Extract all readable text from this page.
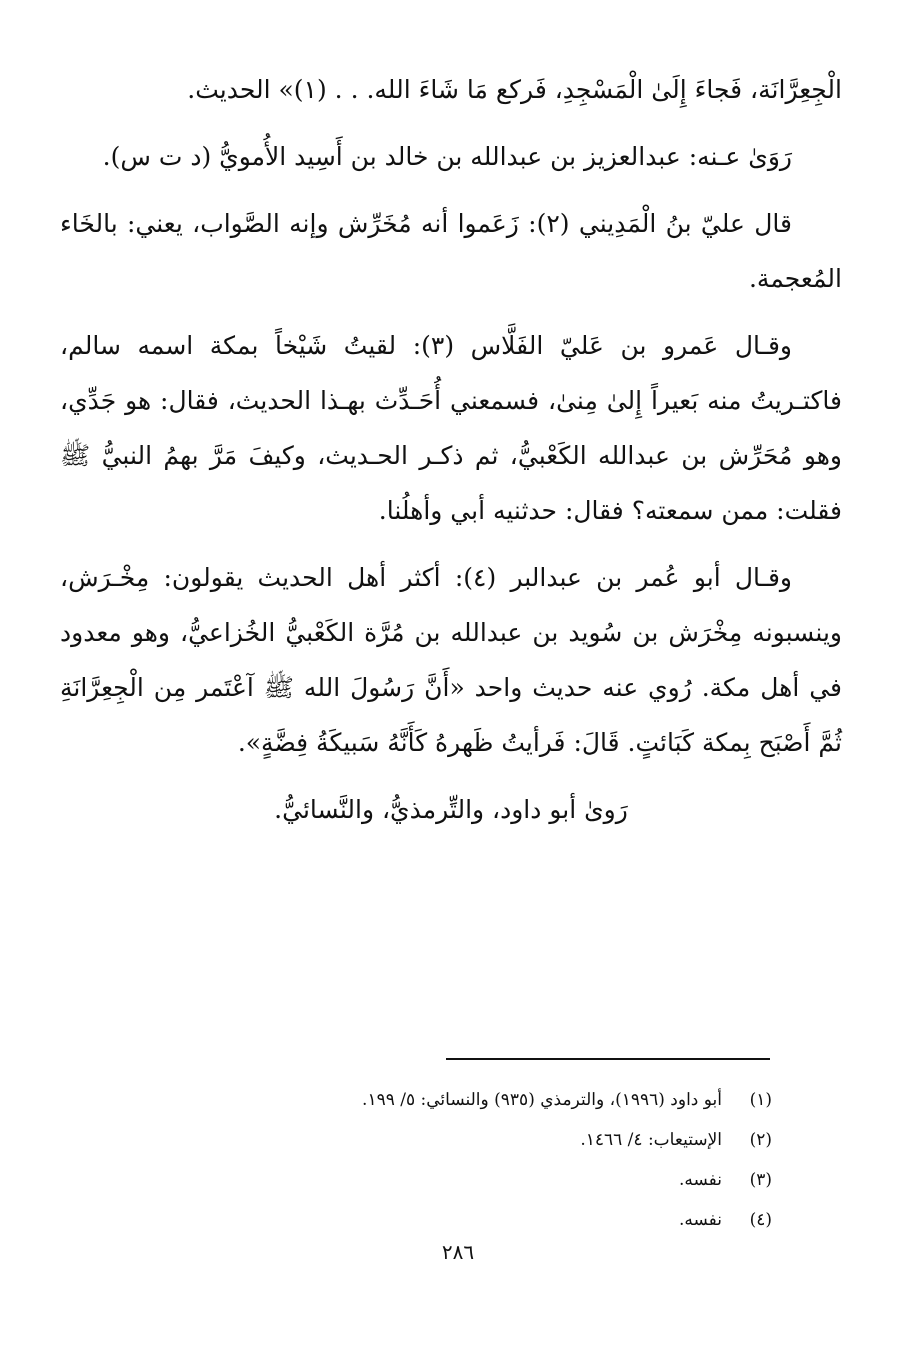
الْجِعِرَّانَة، فَجاءَ إِلَىٰ الْمَسْجِدِ، فَركع مَا شَاءَ الله. . . (١)» الحديث.

رَوَىٰ عـنه: عبدالعزيز بن عبدالله بن خالد بن أَسِيد الأُمويُّ (د ت س).

قال عليّ بنُ الْمَدِيني (٢): زَعَموا أنه مُخَرِّش وإنه الصَّواب، يعني: بالخَاء المُعجمة.

وقـال عَمرو بن عَليّ الفَلَّاس (٣): لقيتُ شَيْخاً بمكة اسمه سالم، فاكتـريتُ منه بَعيراً إِلىٰ مِنىٰ، فسمعني أُحَـدِّث بهـذا الحديث، فقال: هو جَدِّي، وهو مُحَرِّش بن عبدالله الكَعْبيُّ، ثم ذكـر الحـديث، وكيفَ مَرَّ بهمُ النبيُّ ﷺ فقلت: ممن سمعته؟ فقال: حدثنيه أبي وأهلُنا.

وقـال أبو عُمر بن عبدالبر (٤): أكثر أهل الحديث يقولون: مِخْـرَش، وينسبونه مِخْرَش بن سُويد بن عبدالله بن مُرَّة الكَعْبيُّ الخُزاعيُّ، وهو معدود في أهل مكة. رُوي عنه حديث واحد «أَنَّ رَسُولَ الله ﷺ آعْتَمر مِن الْجِعِرَّانَةِ ثُمَّ أَصْبَح بِمكة كَبَائتٍ. قَالَ: فَرأيتُ ظَهرهُ كَأَنَّهُ سَبيكَةُ فِضَّةٍ».

رَوىٰ أبو داود، والتِّرمذيُّ، والنَّسائيُّ.

(١)
أبو داود (١٩٩٦)، والترمذي (٩٣٥) والنسائي: ٥/ ١٩٩.
(٢)
الإستيعاب: ٤/ ١٤٦٦.
(٣)
نفسه.
(٤)
نفسه.
٢٨٦
